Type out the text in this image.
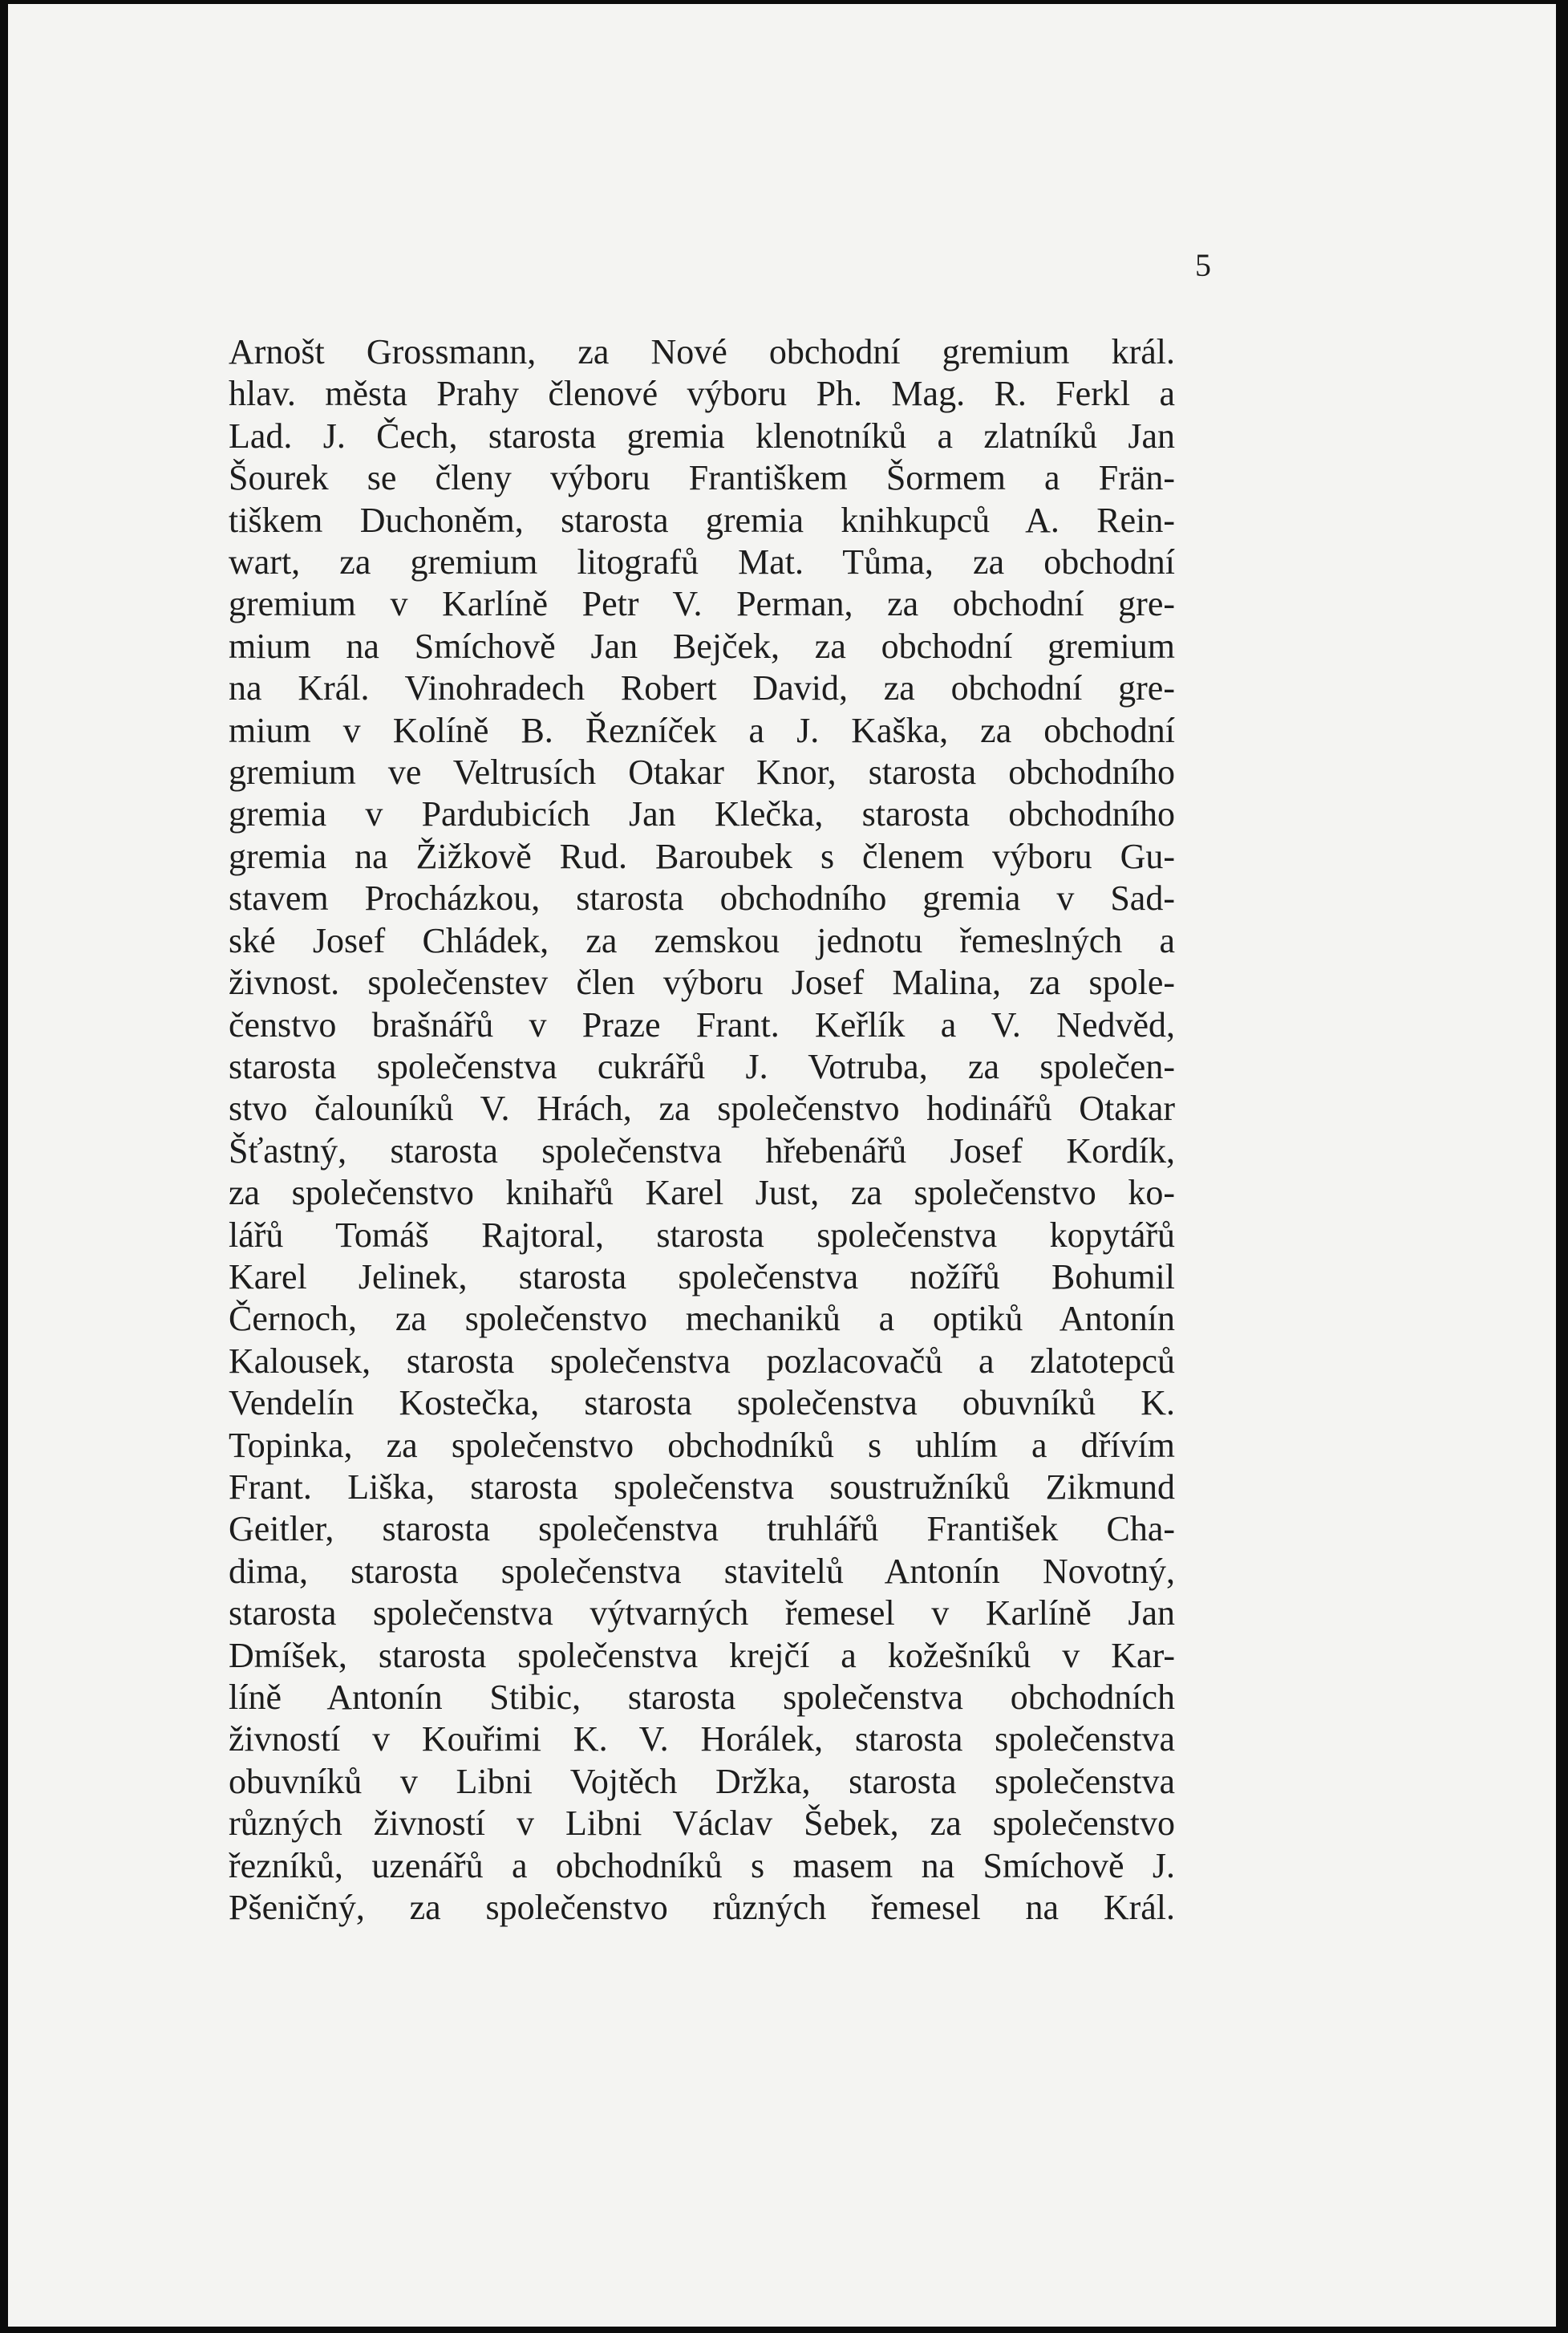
5

Arnošt Grossmann, za Nové obchodní gremium král.
hlav. města Prahy členové výboru Ph. Mag. R. Ferkl a
Lad. J. Čech, starosta gremia klenotníků a zlatníků Jan
Šourek se členy výboru Františkem Šormem a Frän-
tiškem Duchoněm, starosta gremia knihkupců A. Rein-
wart, za gremium litografů Mat. Tůma, za obchodní
gremium v Karlíně Petr V. Perman, za obchodní gre-
mium na Smíchově Jan Bejček, za obchodní gremium
na Král. Vinohradech Robert David, za obchodní gre-
mium v Kolíně B. Řezníček a J. Kaška, za obchodní
gremium ve Veltrusích Otakar Knor, starosta obchodního
gremia v Pardubicích Jan Klečka, starosta obchodního
gremia na Žižkově Rud. Baroubek s členem výboru Gu-
stavem Procházkou, starosta obchodního gremia v Sad-
ské Josef Chládek, za zemskou jednotu řemeslných a
živnost. společenstev člen výboru Josef Malina, za spole-
čenstvo brašnářů v Praze Frant. Keřlík a V. Nedvěd,
starosta společenstva cukrářů J. Votruba, za společen-
stvo čalouníků V. Hrách, za společenstvo hodinářů Otakar
Šťastný, starosta společenstva hřebenářů Josef Kordík,
za společenstvo knihařů Karel Just, za společenstvo ko-
lářů Tomáš Rajtoral, starosta společenstva kopytářů
Karel Jelinek, starosta společenstva nožířů Bohumil
Černoch, za společenstvo mechaniků a optiků Antonín
Kalousek, starosta společenstva pozlacovačů a zlatotepců
Vendelín Kostečka, starosta společenstva obuvníků K.
Topinka, za společenstvo obchodníků s uhlím a dřívím
Frant. Liška, starosta společenstva soustružníků Zikmund
Geitler, starosta společenstva truhlářů František Cha-
dima, starosta společenstva stavitelů Antonín Novotný,
starosta společenstva výtvarných řemesel v Karlíně Jan
Dmíšek, starosta společenstva krejčí a kožešníků v Kar-
líně Antonín Stibic, starosta společenstva obchodních
živností v Kouřimi K. V. Horálek, starosta společenstva
obuvníků v Libni Vojtěch Držka, starosta společenstva
různých živností v Libni Václav Šebek, za společenstvo
řezníků, uzenářů a obchodníků s masem na Smíchově J.
Pšeničný, za společenstvo různých řemesel na Král.
